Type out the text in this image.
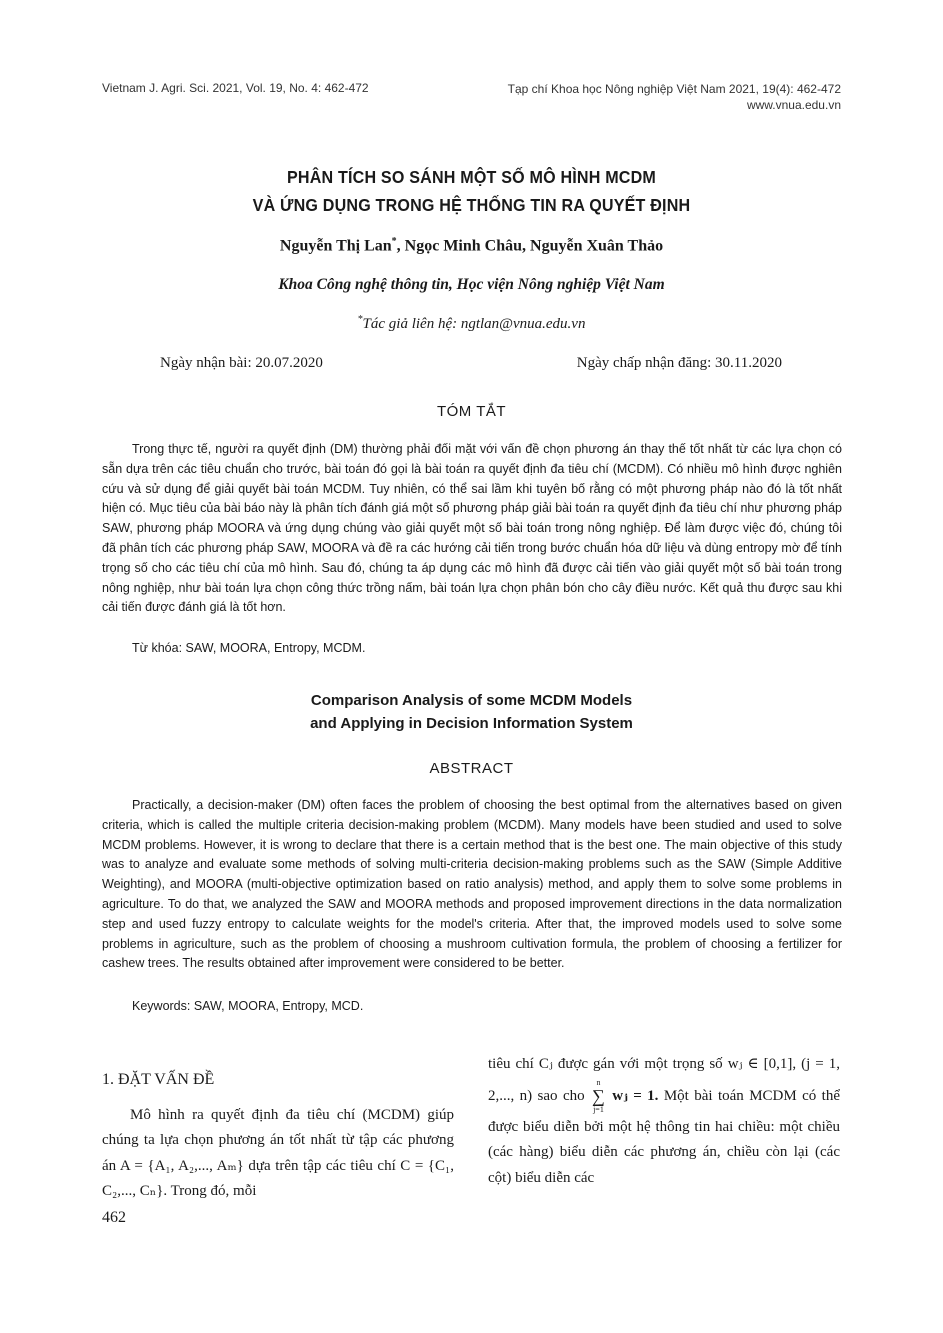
Vietnam J. Agri. Sci. 2021, Vol. 19, No. 4: 462-472	Tạp chí Khoa học Nông nghiệp Việt Nam 2021, 19(4): 462-472
www.vnua.edu.vn
PHÂN TÍCH SO SÁNH MỘT SỐ MÔ HÌNH MCDM
VÀ ỨNG DỤNG TRONG HỆ THỐNG TIN RA QUYẾT ĐỊNH
Nguyễn Thị Lan*, Ngọc Minh Châu, Nguyễn Xuân Thảo
Khoa Công nghệ thông tin, Học viện Nông nghiệp Việt Nam
*Tác giả liên hệ: ngtlan@vnua.edu.vn
Ngày nhận bài: 20.07.2020	Ngày chấp nhận đăng: 30.11.2020
TÓM TẮT

Trong thực tế, người ra quyết định (DM) thường phải đối mặt với vấn đề chọn phương án thay thế tốt nhất từ các lựa chọn có sẵn dựa trên các tiêu chuẩn cho trước, bài toán đó gọi là bài toán ra quyết định đa tiêu chí (MCDM). Có nhiều mô hình được nghiên cứu và sử dụng để giải quyết bài toán MCDM. Tuy nhiên, có thể sai lầm khi tuyên bố rằng có một phương pháp nào đó là tốt nhất hiện có. Mục tiêu của bài báo này là phân tích đánh giá một số phương pháp giải bài toán ra quyết định đa tiêu chí như phương pháp SAW, phương pháp MOORA và ứng dụng chúng vào giải quyết một số bài toán trong nông nghiệp. Để làm được việc đó, chúng tôi đã phân tích các phương pháp SAW, MOORA và đề ra các hướng cải tiến trong bước chuẩn hóa dữ liệu và dùng entropy mờ để tính trọng số cho các tiêu chí của mô hình. Sau đó, chúng ta áp dụng các mô hình đã được cải tiến vào giải quyết một số bài toán trong nông nghiệp, như bài toán lựa chọn công thức trồng nấm, bài toán lựa chọn phân bón cho cây điều nước. Kết quả thu được sau khi cải tiến được đánh giá là tốt hơn.

Từ khóa: SAW, MOORA, Entropy, MCDM.
Comparison Analysis of some MCDM Models
and Applying in Decision Information System
ABSTRACT

Practically, a decision-maker (DM) often faces the problem of choosing the best optimal from the alternatives based on given criteria, which is called the multiple criteria decision-making problem (MCDM). Many models have been studied and used to solve MCDM problems. However, it is wrong to declare that there is a certain method that is the best one. The main objective of this study was to analyze and evaluate some methods of solving multi-criteria decision-making problems such as the SAW (Simple Additive Weighting), and MOORA (multi-objective optimization based on ratio analysis) method, and apply them to solve some problems in agriculture. To do that, we analyzed the SAW and MOORA methods and proposed improvement directions in the data normalization step and used fuzzy entropy to calculate weights for the model's criteria. After that, the improved models used to solve some problems in agriculture, such as the problem of choosing a mushroom cultivation formula, the problem of choosing a fertilizer for cashew trees. The results obtained after improvement were considered to be better.

Keywords: SAW, MOORA, Entropy, MCD.
1. ĐẶT VẤN ĐỀ

Mô hình ra quyết định đa tiêu chí (MCDM) giúp chúng ta lựa chọn phương án tốt nhất từ tập các phương án A = {A₁, A₂,..., Aₘ} dựa trên tập các tiêu chí C = {C₁, C₂,..., Cₙ}. Trong đó, mỗi

tiêu chí Cⱼ được gán với một trọng số wⱼ ∈ [0,1], (j = 1, 2,..., n) sao cho n
∑
j=1 wⱼ = 1. Một bài toán MCDM có thể được biểu diễn bởi một hệ thông tin hai chiều: một chiều (các hàng) biểu diễn các phương án, chiều còn lại (các cột) biểu diễn các

462
